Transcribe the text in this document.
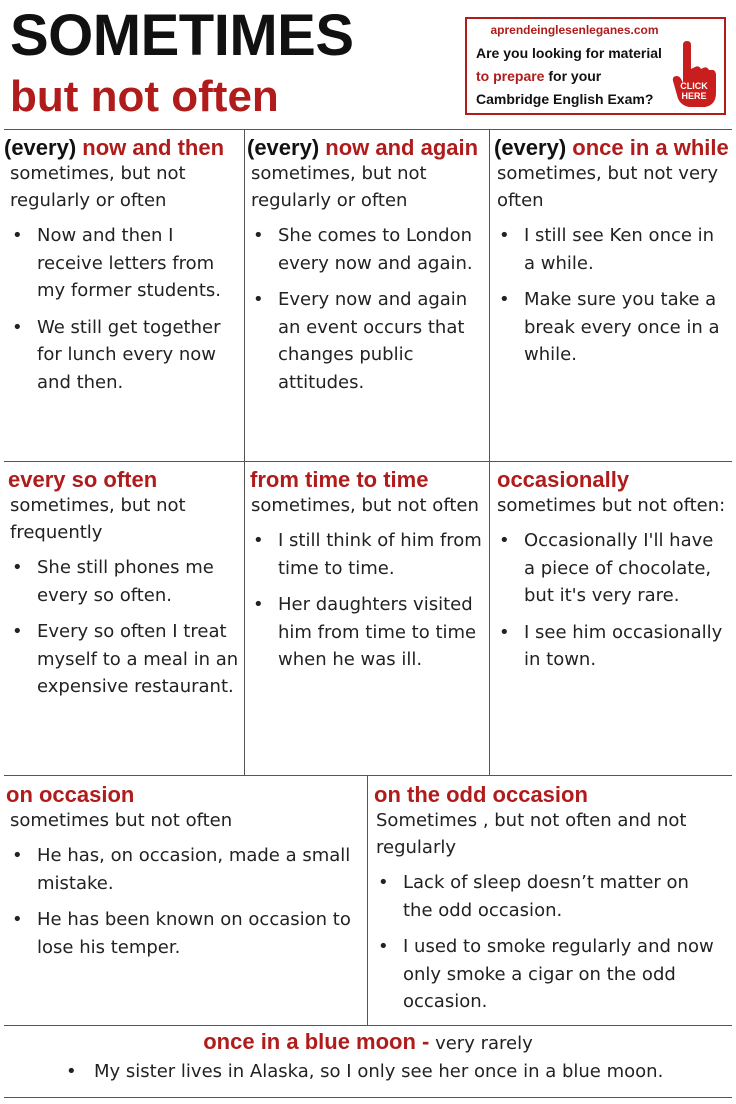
SOMETIMES
but not often
aprendeinglesenleganes.com
Are you looking for material
to prepare for your
Cambridge English Exam?
CLICK
HERE
(every) now and then
sometimes, but not regularly or often
• Now and then I receive letters from my former students.
• We still get together for lunch every now and then.
(every) now and again
sometimes, but not regularly or often
• She comes to London every now and again.
• Every now and again an event occurs that changes public attitudes.
(every) once in a while
sometimes, but not very often
• I still see Ken once in a while.
• Make sure you take a break every once in a while.
every so often
sometimes, but not frequently
• She still phones me every so often.
• Every so often I treat myself to a meal in an expensive restaurant.
from time to time
sometimes, but not often
• I still think of him from time to time.
• Her daughters visited him from time to time when he was ill.
occasionally
sometimes but not often:
• Occasionally I'll have a piece of chocolate, but it's very rare.
• I see him occasionally in town.
on occasion
sometimes but not often
• He has, on occasion, made a small mistake.
• He has been known on occasion to lose his temper.
on the odd occasion
Sometimes , but not often and not regularly
• Lack of sleep doesn’t matter on the odd occasion.
• I used to smoke regularly and now only smoke a cigar on the odd occasion.
once in a blue moon - very rarely
• My sister lives in Alaska, so I only see her once in a blue moon.
